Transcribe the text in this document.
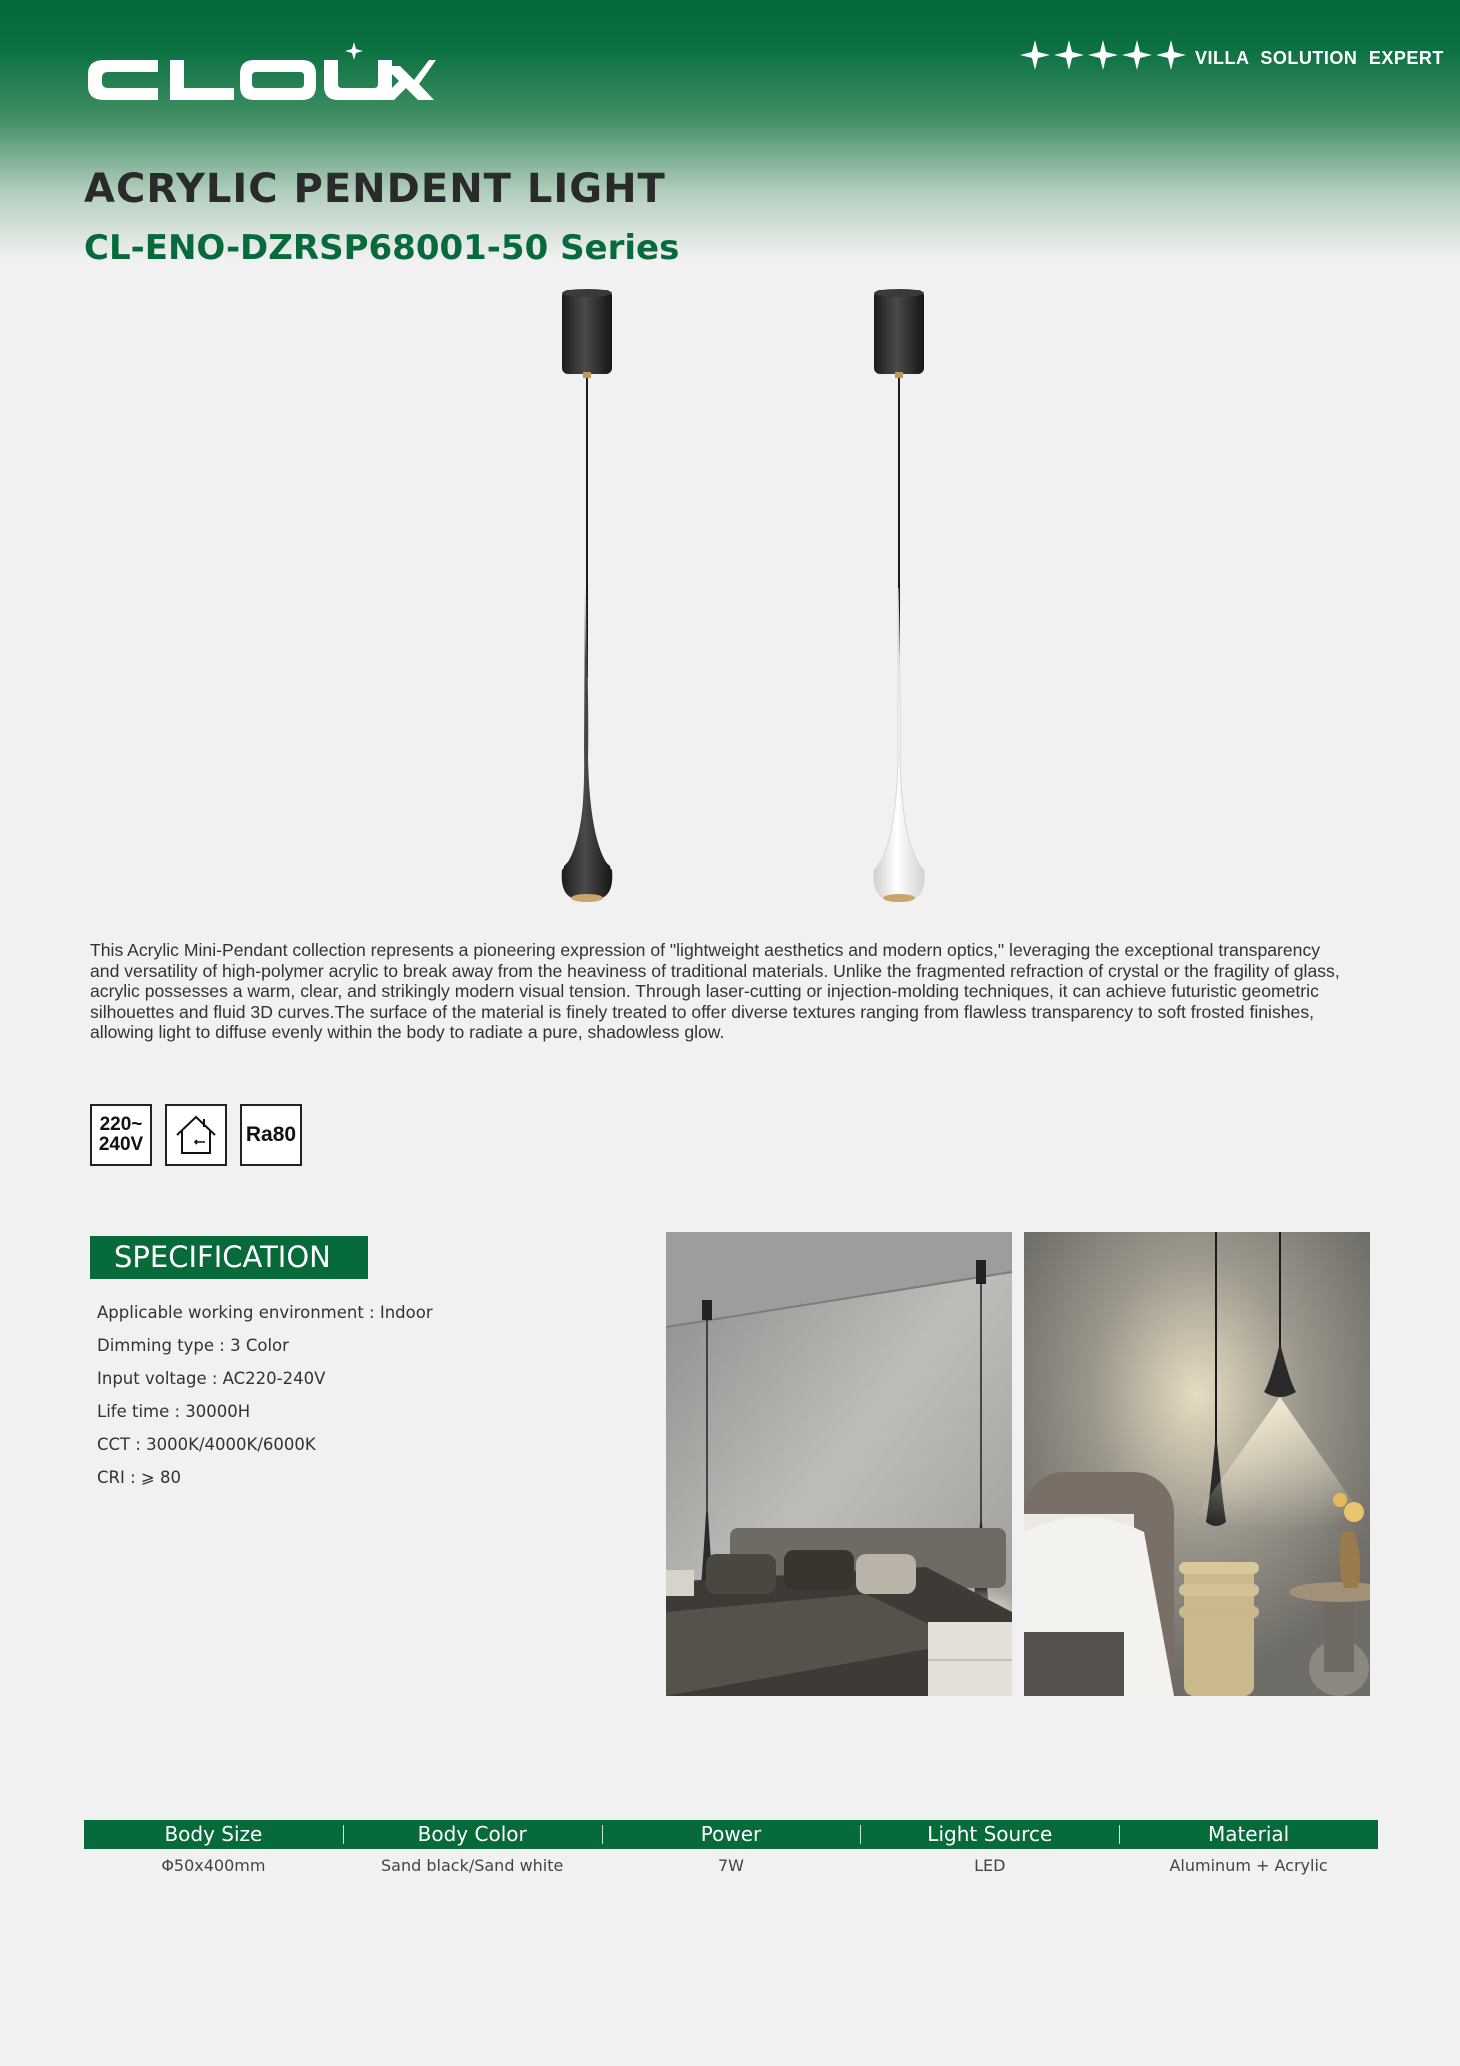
VILLA SOLUTION EXPERT
ACRYLIC PENDENT LIGHT
CL-ENO-DZRSP68001-50 Series

This Acrylic Mini-Pendant collection represents a pioneering expression of "lightweight aesthetics and modern optics," leveraging the exceptional transparency and versatility of high-polymer acrylic to break away from the heaviness of traditional materials. Unlike the fragmented refraction of crystal or the fragility of glass, acrylic possesses a warm, clear, and strikingly modern visual tension. Through laser-cutting or injection-molding techniques, it can achieve futuristic geometric silhouettes and fluid 3D curves.The surface of the material is finely treated to offer diverse textures ranging from flawless transparency to soft frosted finishes, allowing light to diffuse evenly within the body to radiate a pure, shadowless glow.

220~
240V	Ra80
SPECIFICATION
Applicable working environment : Indoor
Dimming type : 3 Color
Input voltage : AC220-240V
Life time : 30000H
CCT : 3000K/4000K/6000K
CRI : ⩾ 80
Body Size	Body Color	Power	Light Source	Material
Φ50x400mm	Sand black/Sand white	7W	LED	Aluminum + Acrylic
